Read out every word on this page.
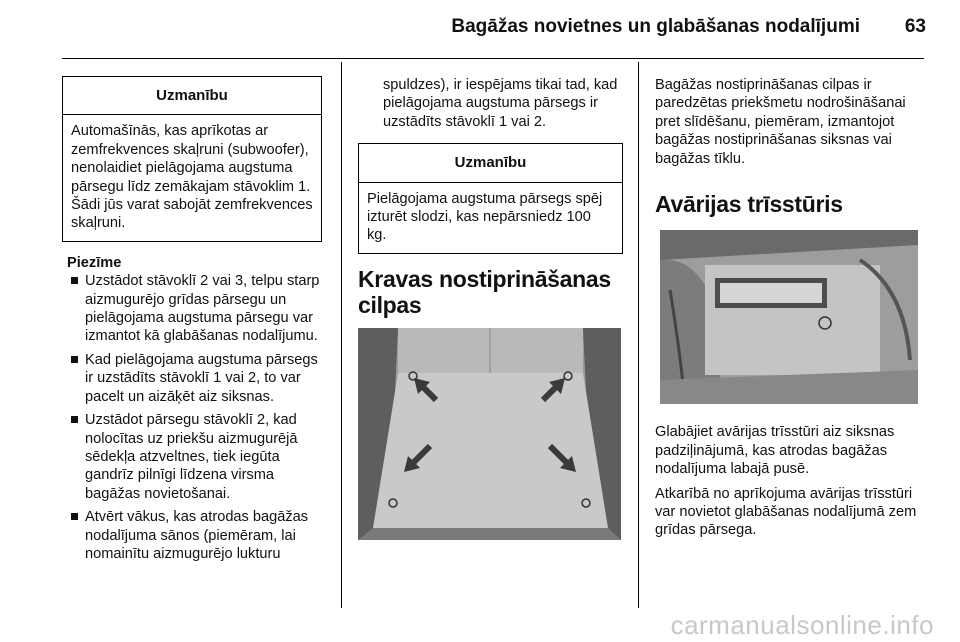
Bagāžas novietnes un glabāšanas nodalījumi	63
Uzmanību
Automašīnās, kas aprīkotas ar zemfrekvences skaļruni (subwoofer), nenolaidiet pielāgojama augstuma pārsegu līdz zemākajam stāvoklim 1. Šādi jūs varat sabojāt zemfrekvences skaļruni.
Piezīme
Uzstādot stāvoklī 2 vai 3, telpu starp aizmugurējo grīdas pārsegu un pielāgojama augstuma pārsegu var izmantot kā glabāšanas nodalījumu.
Kad pielāgojama augstuma pārsegs ir uzstādīts stāvoklī 1 vai 2, to var pacelt un aizāķēt aiz siksnas.
Uzstādot pārsegu stāvoklī 2, kad nolocītas uz priekšu aizmugurējā sēdekļa atzveltnes, tiek iegūta gandrīz pilnīgi līdzena virsma bagāžas novietošanai.
Atvērt vākus, kas atrodas bagāžas nodalījuma sānos (piemēram, lai nomainītu aizmugurējo lukturu

spuldzes), ir iespējams tikai tad, kad pielāgojama augstuma pārsegs ir uzstādīts stāvoklī 1 vai 2.

Uzmanību
Pielāgojama augstuma pārsegs spēj izturēt slodzi, kas nepārsniedz 100 kg.
Kravas nostiprināšanas cilpas

Bagāžas nostiprināšanas cilpas ir paredzētas priekšmetu nodrošināšanai pret slīdēšanu, piemēram, izmantojot bagāžas nostiprināšanas siksnas vai bagāžas tīklu.

Avārijas trīsstūris

Glabājiet avārijas trīsstūri aiz siksnas padziļinājumā, kas atrodas bagāžas nodalījuma labajā pusē.

Atkarībā no aprīkojuma avārijas trīsstūri var novietot glabāšanas nodalījumā zem grīdas pārsega.

carmanualsonline.info
